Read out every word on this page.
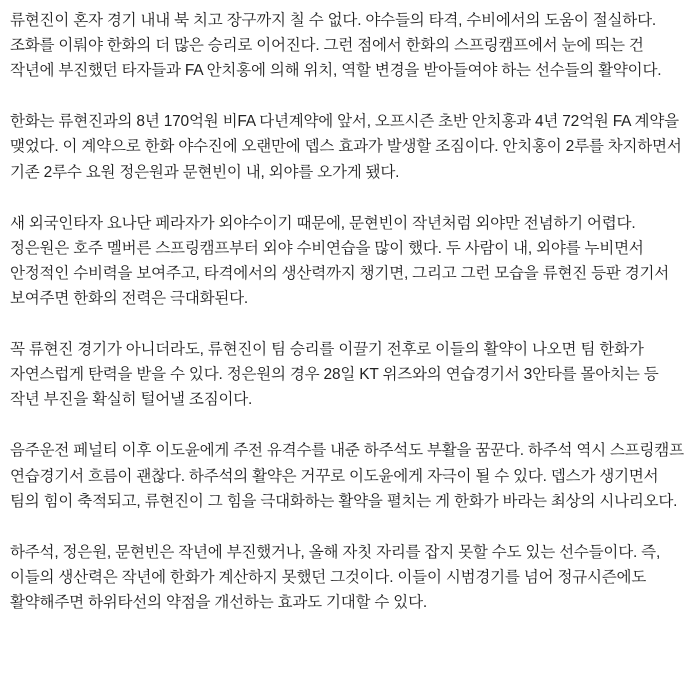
류현진이 혼자 경기 내내 북 치고 장구까지 칠 수 없다. 야수들의 타격, 수비에서의 도움이 절실하다. 조화를 이뤄야 한화의 더 많은 승리로 이어진다. 그런 점에서 한화의 스프링캠프에서 눈에 띄는 건 작년에 부진했던 타자들과 FA 안치홍에 의해 위치, 역할 변경을 받아들여야 하는 선수들의 활약이다.

한화는 류현진과의 8년 170억원 비FA 다년계약에 앞서, 오프시즌 초반 안치홍과 4년 72억원 FA 계약을 맺었다. 이 계약으로 한화 야수진에 오랜만에 뎁스 효과가 발생할 조짐이다. 안치홍이 2루를 차지하면서 기존 2루수 요원 정은원과 문현빈이 내, 외야를 오가게 됐다.

새 외국인타자 요나단 페라자가 외야수이기 때문에, 문현빈이 작년처럼 외야만 전념하기 어렵다. 정은원은 호주 멜버른 스프링캠프부터 외야 수비연습을 많이 했다. 두 사람이 내, 외야를 누비면서 안정적인 수비력을 보여주고, 타격에서의 생산력까지 챙기면, 그리고 그런 모습을 류현진 등판 경기서 보여주면 한화의 전력은 극대화된다.

꼭 류현진 경기가 아니더라도, 류현진이 팀 승리를 이끌기 전후로 이들의 활약이 나오면 팀 한화가 자연스럽게 탄력을 받을 수 있다. 정은원의 경우 28일 KT 위즈와의 연습경기서 3안타를 몰아치는 등 작년 부진을 확실히 털어낼 조짐이다.

음주운전 페널티 이후 이도윤에게 주전 유격수를 내준 하주석도 부활을 꿈꾼다. 하주석 역시 스프링캠프 연습경기서 흐름이 괜찮다. 하주석의 활약은 거꾸로 이도윤에게 자극이 될 수 있다. 뎁스가 생기면서 팀의 힘이 축적되고, 류현진이 그 힘을 극대화하는 활약을 펼치는 게 한화가 바라는 최상의 시나리오다.

하주석, 정은원, 문현빈은 작년에 부진했거나, 올해 자칫 자리를 잡지 못할 수도 있는 선수들이다. 즉, 이들의 생산력은 작년에 한화가 계산하지 못했던 그것이다. 이들이 시범경기를 넘어 정규시즌에도 활약해주면 하위타선의 약점을 개선하는 효과도 기대할 수 있다.
